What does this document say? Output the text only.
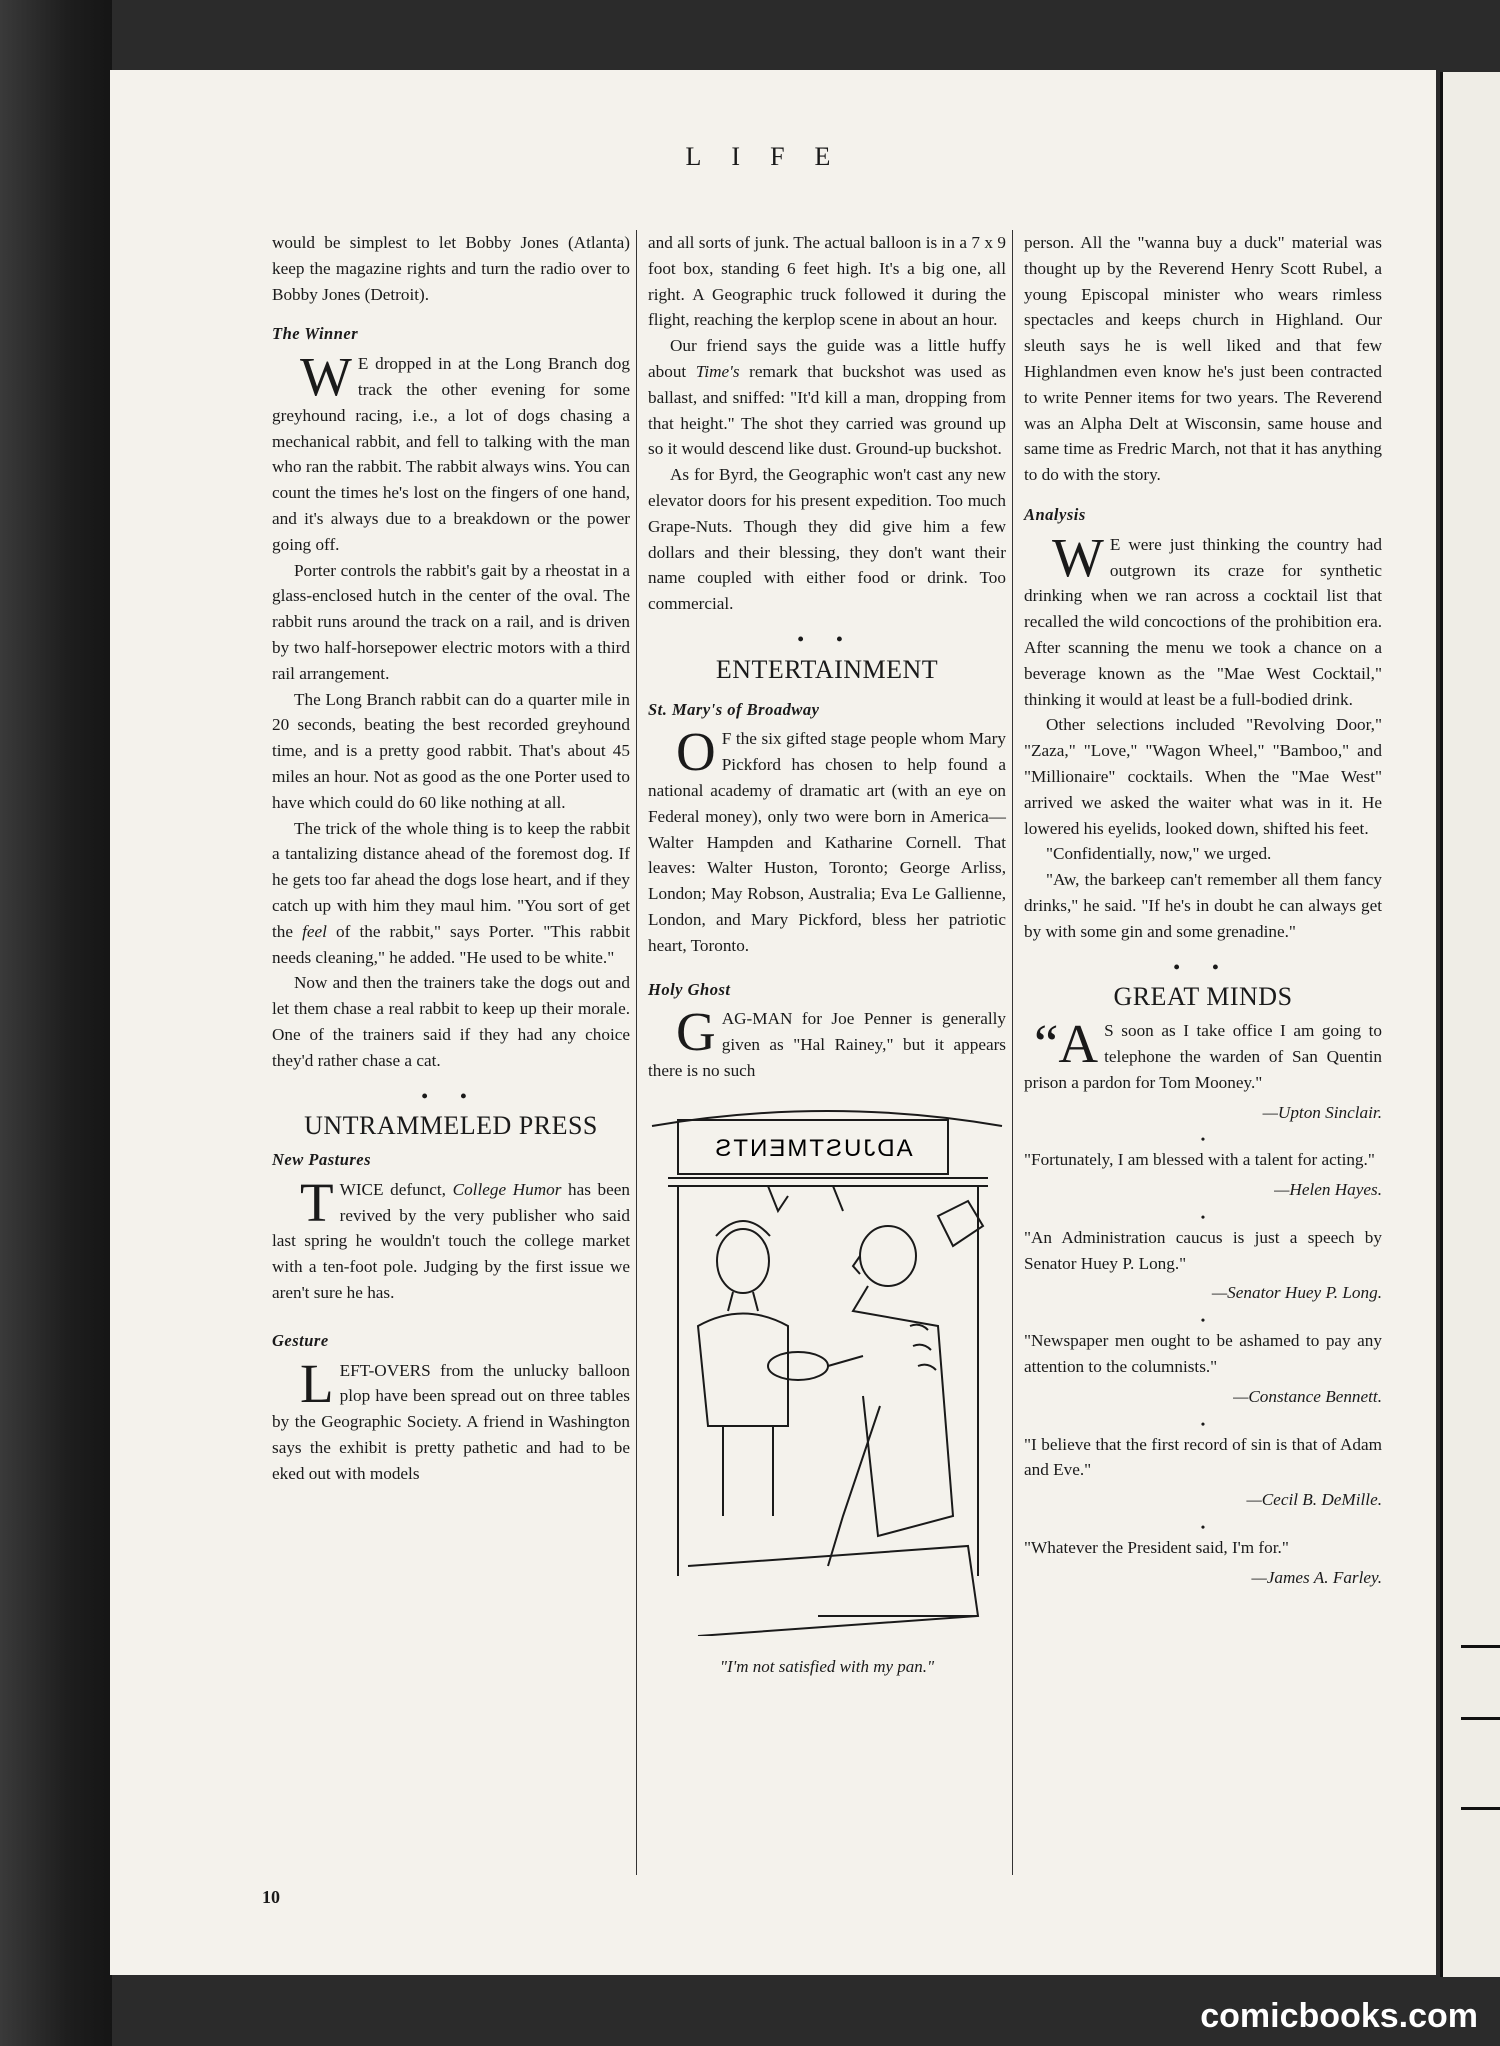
LIFE

would be simplest to let Bobby Jones (Atlanta) keep the magazine rights and turn the radio over to Bobby Jones (Detroit).

The Winner

W E dropped in at the Long Branch dog track the other evening for some greyhound racing, i.e., a lot of dogs chasing a mechanical rabbit, and fell to talking with the man who ran the rabbit. The rabbit always wins. You can count the times he's lost on the fingers of one hand, and it's always due to a breakdown or the power going off.

Porter controls the rabbit's gait by a rheostat in a glass-enclosed hutch in the center of the oval. The rabbit runs around the track on a rail, and is driven by two half-horsepower electric motors with a third rail arrangement.

The Long Branch rabbit can do a quarter mile in 20 seconds, beating the best recorded greyhound time, and is a pretty good rabbit. That's about 45 miles an hour. Not as good as the one Porter used to have which could do 60 like nothing at all.

The trick of the whole thing is to keep the rabbit a tantalizing distance ahead of the foremost dog. If he gets too far ahead the dogs lose heart, and if they catch up with him they maul him. "You sort of get the feel of the rabbit," says Porter. "This rabbit needs cleaning," he added. "He used to be white."

Now and then the trainers take the dogs out and let them chase a real rabbit to keep up their morale. One of the trainers said if they had any choice they'd rather chase a cat.

• •
UNTRAMMELED PRESS
New Pastures

TWICE defunct, College Humor has been revived by the very publisher who said last spring he wouldn't touch the college market with a ten-foot pole. Judging by the first issue we aren't sure he has.

Gesture

LEFT-OVERS from the unlucky balloon plop have been spread out on three tables by the Geographic Society. A friend in Washington says the exhibit is pretty pathetic and had to be eked out with models

and all sorts of junk. The actual balloon is in a 7 x 9 foot box, standing 6 feet high. It's a big one, all right. A Geographic truck followed it during the flight, reaching the kerplop scene in about an hour.

Our friend says the guide was a little huffy about Time's remark that buckshot was used as ballast, and sniffed: "It'd kill a man, dropping from that height." The shot they carried was ground up so it would descend like dust. Ground-up buckshot.

As for Byrd, the Geographic won't cast any new elevator doors for his present expedition. Too much Grape-Nuts. Though they did give him a few dollars and their blessing, they don't want their name coupled with either food or drink. Too commercial.

• •
ENTERTAINMENT
St. Mary's of Broadway

O F the six gifted stage people whom Mary Pickford has chosen to help found a national academy of dramatic art (with an eye on Federal money), only two were born in America—Walter Hampden and Katharine Cornell. That leaves: Walter Huston, Toronto; George Arliss, London; May Robson, Australia; Eva Le Gallienne, London, and Mary Pickford, bless her patriotic heart, Toronto.

Holy Ghost

GAG-MAN for Joe Penner is generally given as "Hal Rainey," but it appears there is no such

ADJUSTMENTS
"I'm not satisfied with my pan."

person. All the "wanna buy a duck" material was thought up by the Reverend Henry Scott Rubel, a young Episcopal minister who wears rimless spectacles and keeps church in Highland. Our sleuth says he is well liked and that few Highlandmen even know he's just been contracted to write Penner items for two years. The Reverend was an Alpha Delt at Wisconsin, same house and same time as Fredric March, not that it has anything to do with the story.

Analysis

W E were just thinking the country had outgrown its craze for synthetic drinking when we ran across a cocktail list that recalled the wild concoctions of the prohibition era. After scanning the menu we took a chance on a beverage known as the "Mae West Cocktail," thinking it would at least be a full-bodied drink.

Other selections included "Revolving Door," "Zaza," "Love," "Wagon Wheel," "Bamboo," and "Millionaire" cocktails. When the "Mae West" arrived we asked the waiter what was in it. He lowered his eyelids, looked down, shifted his feet.

"Confidentially, now," we urged.

"Aw, the barkeep can't remember all them fancy drinks," he said. "If he's in doubt he can always get by with some gin and some grenadine."

• •
GREAT MINDS

“A S soon as I take office I am going to telephone the warden of San Quentin prison a pardon for Tom Mooney."

—Upton Sinclair.
•

"Fortunately, I am blessed with a talent for acting."

—Helen Hayes.
•

"An Administration caucus is just a speech by Senator Huey P. Long."

—Senator Huey P. Long.
•

"Newspaper men ought to be ashamed to pay any attention to the columnists."

—Constance Bennett.
•

"I believe that the first record of sin is that of Adam and Eve."

—Cecil B. DeMille.
•

"Whatever the President said, I'm for."

—James A. Farley.
10
comicbooks.com
